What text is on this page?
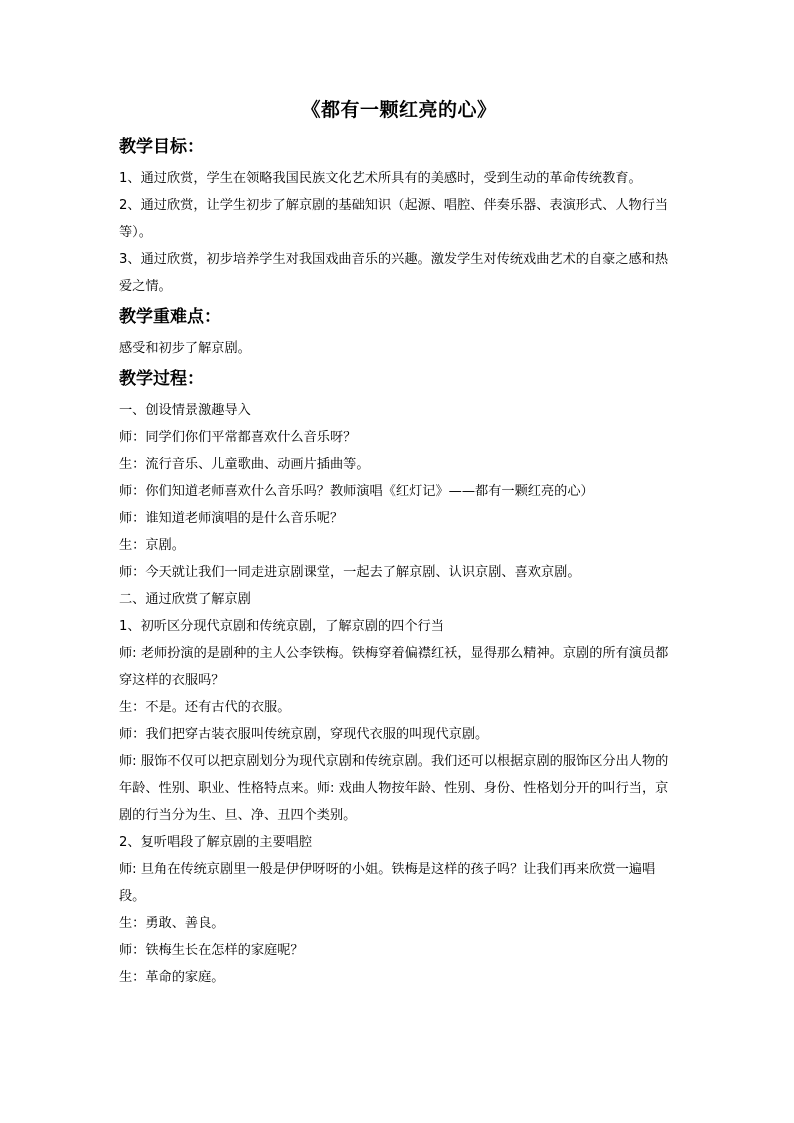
《都有一颗红亮的心》
教学目标：

1、通过欣赏，学生在领略我国民族文化艺术所具有的美感时，受到生动的革命传统教育。

2、通过欣赏，让学生初步了解京剧的基础知识（起源、唱腔、伴奏乐器、表演形式、人物行当等）。

3、通过欣赏，初步培养学生对我国戏曲音乐的兴趣。激发学生对传统戏曲艺术的自豪之感和热爱之情。

教学重难点：

感受和初步了解京剧。

教学过程：

一、创设情景激趣导入

师：同学们你们平常都喜欢什么音乐呀？

生：流行音乐、儿童歌曲、动画片插曲等。

师：你们知道老师喜欢什么音乐吗？教师演唱《红灯记》——都有一颗红亮的心）

师：谁知道老师演唱的是什么音乐呢？

生：京剧。

师：今天就让我们一同走进京剧课堂，一起去了解京剧、认识京剧、喜欢京剧。

二、通过欣赏了解京剧

1、初听区分现代京剧和传统京剧，了解京剧的四个行当

师: 老师扮演的是剧种的主人公李铁梅。铁梅穿着偏襟红袄，显得那么精神。京剧的所有演员都穿这样的衣服吗？

生：不是。还有古代的衣服。

师：我们把穿古装衣服叫传统京剧，穿现代衣服的叫现代京剧。

师: 服饰不仅可以把京剧划分为现代京剧和传统京剧。我们还可以根据京剧的服饰区分出人物的年龄、性别、职业、性格特点来。师: 戏曲人物按年龄、性别、身份、性格划分开的叫行当，京剧的行当分为生、旦、净、丑四个类别。

2、复听唱段了解京剧的主要唱腔

师: 旦角在传统京剧里一般是伊伊呀呀的小姐。铁梅是这样的孩子吗？让我们再来欣赏一遍唱段。

生：勇敢、善良。

师：铁梅生长在怎样的家庭呢？

生：革命的家庭。
